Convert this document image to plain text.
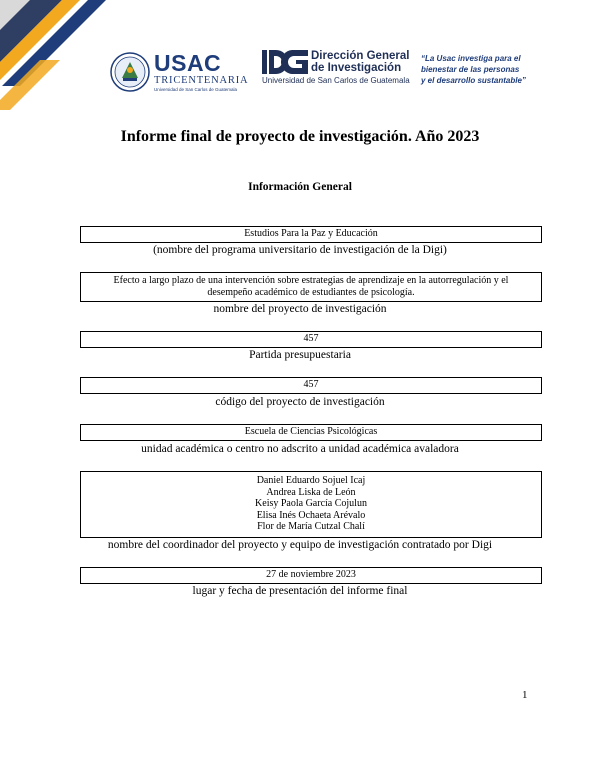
USAC
TRICENTENARIA
Universidad de San Carlos de Guatemala
Dirección General
de Investigación
Universidad de San Carlos de Guatemala
“La Usac investiga para el
bienestar de las personas
y el desarrollo sustantable”
Informe final de proyecto de investigación. Año 2023
Información General
Estudios Para la Paz y Educación
(nombre del programa universitario de investigación de la Digi)
Efecto a largo plazo de una intervención sobre estrategias de aprendizaje en la autorregulación y el
desempeño académico de estudiantes de psicología.
nombre del proyecto de investigación
457
Partida presupuestaria
457
código del proyecto de investigación
Escuela de Ciencias Psicológicas
unidad académica o centro no adscrito a unidad académica avaladora
Daniel Eduardo Sojuel Icaj
Andrea Liska de León
Keisy Paola García Cojulun
Elisa Inés Ochaeta Arévalo
Flor de María Cutzal Chalí
nombre del coordinador del proyecto y equipo de investigación contratado por Digi
27 de noviembre 2023
lugar y fecha de presentación del informe final
1
